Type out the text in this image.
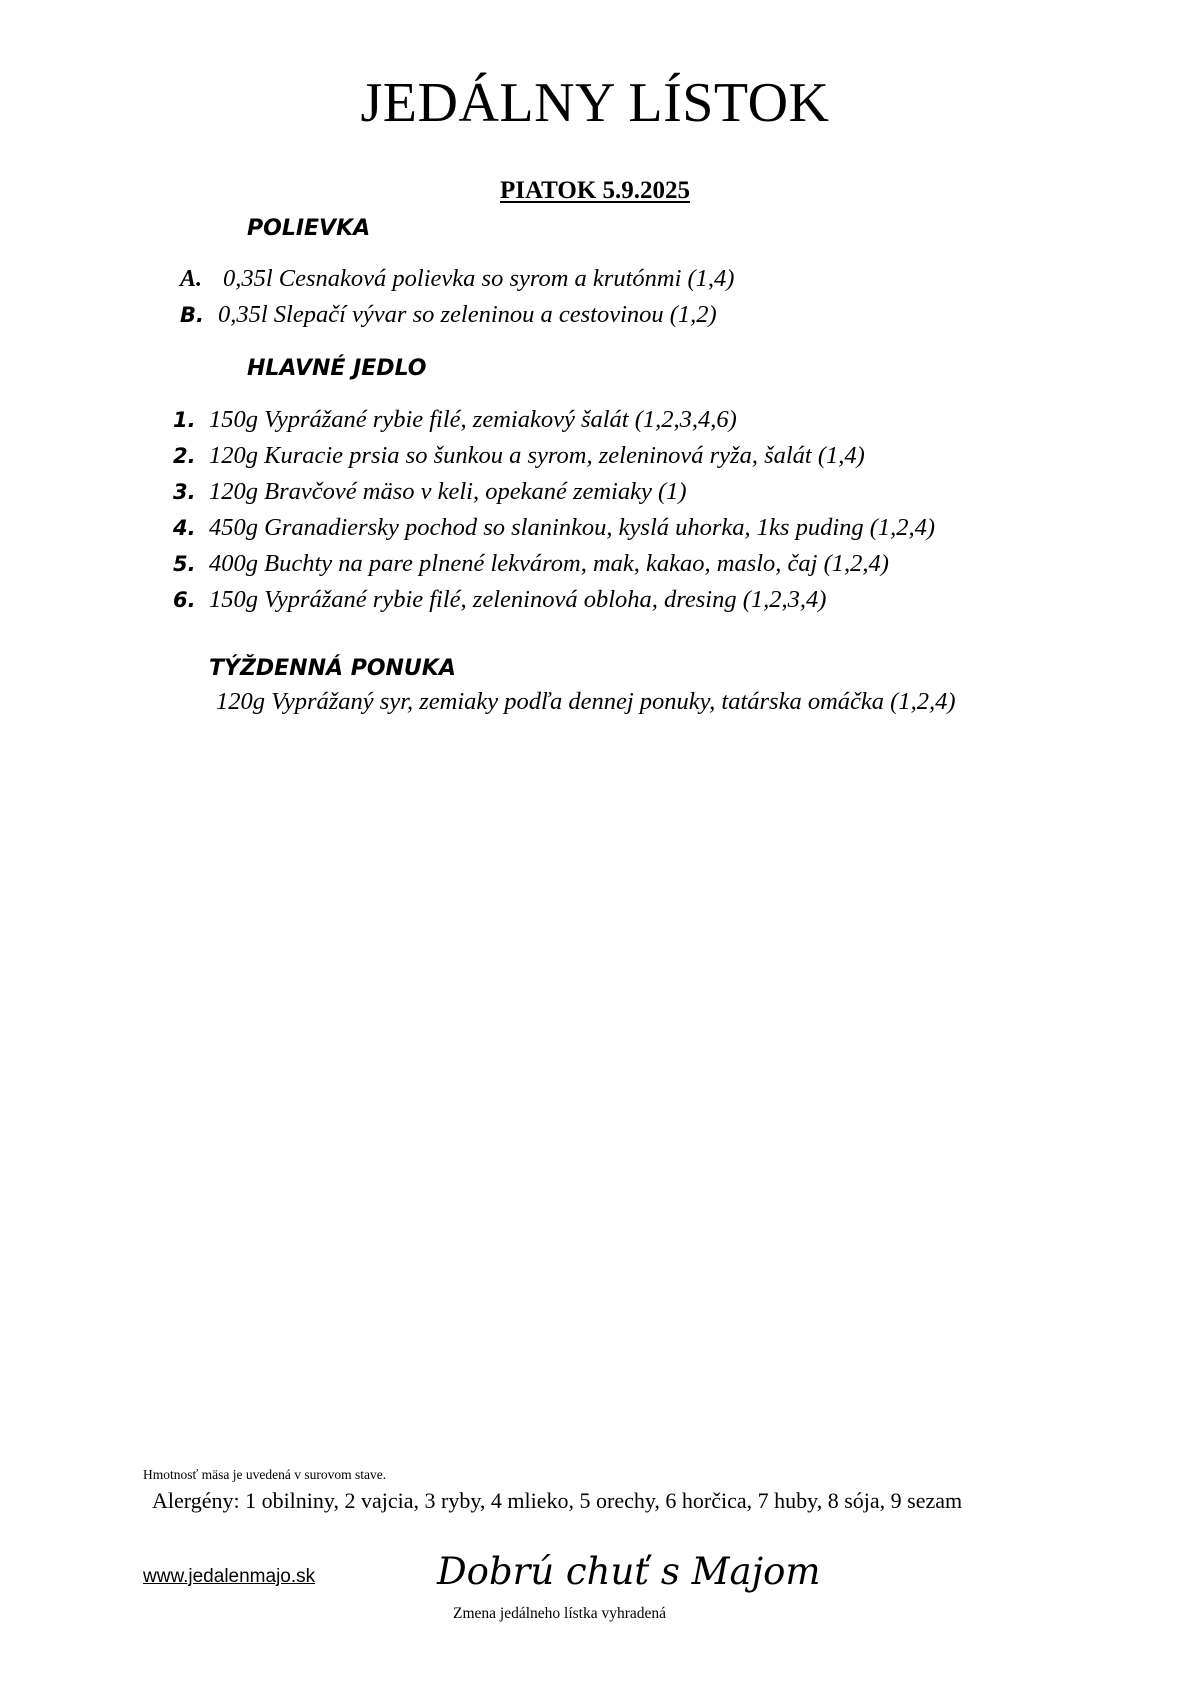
JEDÁLNY LÍSTOK
PIATOK 5.9.2025
POLIEVKA
A. 0,35l Cesnaková polievka so syrom a krutónmi (1,4)
B. 0,35l Slepačí vývar so zeleninou a cestovinou (1,2)
HLAVNÉ JEDLO
1. 150g Vyprážané rybie filé, zemiakový šalát (1,2,3,4,6)
2. 120g Kuracie prsia so šunkou a syrom, zeleninová ryža, šalát (1,4)
3. 120g Bravčové mäso v keli, opekané zemiaky (1)
4. 450g Granadiersky pochod so slaninkou, kyslá uhorka, 1ks puding (1,2,4)
5. 400g Buchty na pare plnené lekvárom, mak, kakao, maslo, čaj (1,2,4)
6. 150g Vyprážané rybie filé, zeleninová obloha, dresing (1,2,3,4)
TÝŽDENNÁ PONUKA
120g Vyprážaný syr, zemiaky podľa dennej ponuky, tatárska omáčka (1,2,4)
Hmotnosť mäsa je uvedená v surovom stave.
Alergény: 1 obilniny, 2 vajcia, 3 ryby, 4 mlieko, 5 orechy, 6 horčica, 7 huby, 8 sója, 9 sezam
www.jedalenmajo.sk	Dobrú chuť s Majom
Zmena jedálneho lístka vyhradená
